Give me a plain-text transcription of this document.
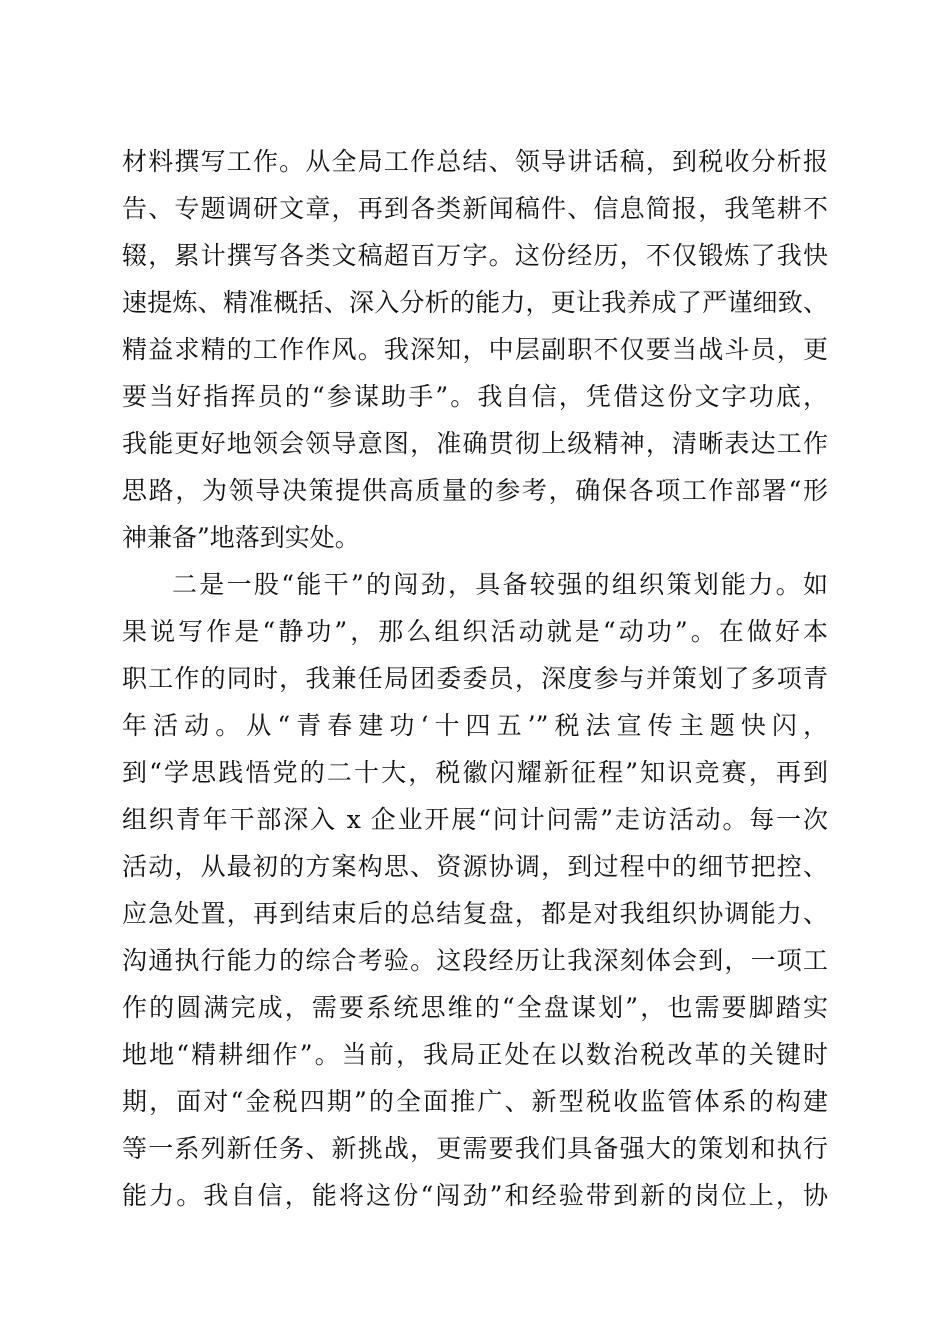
材料撰写工作。从全局工作总结、领导讲话稿，到税收分析报
告、专题调研文章，再到各类新闻稿件、信息简报，我笔耕不
辍，累计撰写各类文稿超百万字。这份经历，不仅锻炼了我快
速提炼、精准概括、深入分析的能力，更让我养成了严谨细致、
精益求精的工作作风。我深知，中层副职不仅要当战斗员，更
要当好指挥员的“参谋助手”。我自信，凭借这份文字功底，
我能更好地领会领导意图，准确贯彻上级精神，清晰表达工作
思路，为领导决策提供高质量的参考，确保各项工作部署“形
神兼备”地落到实处。
二是一股“能干”的闯劲，具备较强的组织策划能力。如
果说写作是“静功”，那么组织活动就是“动功”。在做好本
职工作的同时，我兼任局团委委员，深度参与并策划了多项青
年活动。从“青春建功‘十四五’”税法宣传主题快闪，
到“学思践悟党的二十大，税徽闪耀新征程”知识竞赛，再到
组织青年干部深入 x 企业开展“问计问需”走访活动。每一次
活动，从最初的方案构思、资源协调，到过程中的细节把控、
应急处置，再到结束后的总结复盘，都是对我组织协调能力、
沟通执行能力的综合考验。这段经历让我深刻体会到，一项工
作的圆满完成，需要系统思维的“全盘谋划”，也需要脚踏实
地地“精耕细作”。当前，我局正处在以数治税改革的关键时
期，面对“金税四期”的全面推广、新型税收监管体系的构建
等一系列新任务、新挑战，更需要我们具备强大的策划和执行
能力。我自信，能将这份“闯劲”和经验带到新的岗位上，协
